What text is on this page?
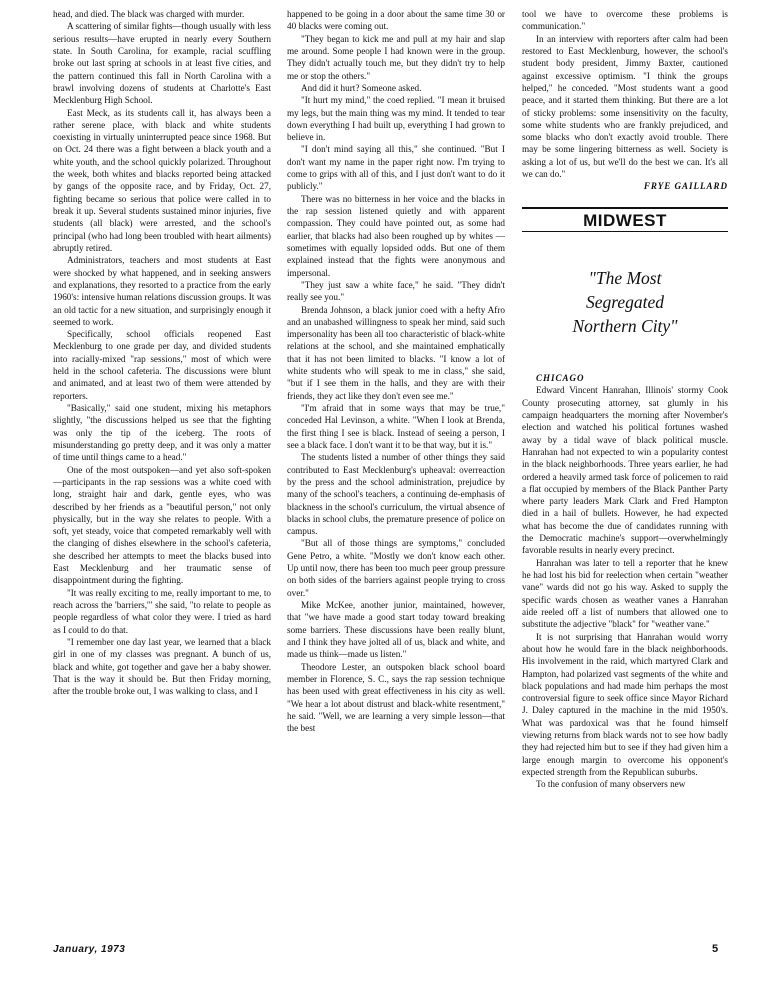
head, and died. The black was charged with murder.

A scattering of similar fights—though usually with less serious results—have erupted in nearly every Southern state. In South Carolina, for example, racial scuffling broke out last spring at schools in at least five cities, and the pattern continued this fall in North Carolina with a brawl involving dozens of students at Charlotte's East Mecklenburg High School.

East Meck, as its students call it, has always been a rather serene place, with black and white students coexisting in virtually uninterrupted peace since 1968. But on Oct. 24 there was a fight between a black youth and a white youth, and the school quickly polarized. Throughout the week, both whites and blacks reported being attacked by gangs of the opposite race, and by Friday, Oct. 27, fighting became so serious that police were called in to break it up. Several students sustained minor injuries, five students (all black) were arrested, and the school's principal (who had long been troubled with heart ailments) abruptly retired.

Administrators, teachers and most students at East were shocked by what happened, and in seeking answers and explanations, they resorted to a practice from the early 1960's: intensive human relations discussion groups. It was an old tactic for a new situation, and surprisingly enough it seemed to work.

Specifically, school officials reopened East Mecklenburg to one grade per day, and divided students into racially-mixed "rap sessions," most of which were held in the school cafeteria. The discussions were blunt and animated, and at least two of them were attended by reporters.

"Basically," said one student, mixing his metaphors slightly, "the discussions helped us see that the fighting was only the tip of the iceberg. The roots of misunderstanding go pretty deep, and it was only a matter of time until things came to a head."

One of the most outspoken—and yet also soft-spoken—participants in the rap sessions was a white coed with long, straight hair and dark, gentle eyes, who was described by her friends as a "beautiful person," not only physically, but in the way she relates to people. With a soft, yet steady, voice that competed remarkably well with the clanging of dishes elsewhere in the school's cafeteria, she described her attempts to meet the blacks bused into East Mecklenburg and her traumatic sense of disappointment during the fighting.

"It was really exciting to me, really important to me, to reach across the 'barriers,'" she said, "to relate to people as people regardless of what color they were. I tried as hard as I could to do that.

"I remember one day last year, we learned that a black girl in one of my classes was pregnant. A bunch of us, black and white, got together and gave her a baby shower. That is the way it should be. But then Friday morning, after the trouble broke out, I was walking to class, and I

happened to be going in a door about the same time 30 or 40 blacks were coming out.

"They began to kick me and pull at my hair and slap me around. Some people I had known were in the group. They didn't actually touch me, but they didn't try to help me or stop the others."

And did it hurt? Someone asked.

"It hurt my mind," the coed replied. "I mean it bruised my legs, but the main thing was my mind. It tended to tear down everything I had built up, everything I had grown to believe in.

"I don't mind saying all this," she continued. "But I don't want my name in the paper right now. I'm trying to come to grips with all of this, and I just don't want to do it publicly."

There was no bitterness in her voice and the blacks in the rap session listened quietly and with apparent compassion. They could have pointed out, as some had earlier, that blacks had also been roughed up by whites —sometimes with equally lopsided odds. But one of them explained instead that the fights were anonymous and impersonal.

"They just saw a white face," he said. "They didn't really see you."

Brenda Johnson, a black junior coed with a hefty Afro and an unabashed willingness to speak her mind, said such impersonality has been all too characteristic of black-white relations at the school, and she maintained emphatically that it has not been limited to blacks. "I know a lot of white students who will speak to me in class," she said, "but if I see them in the halls, and they are with their friends, they act like they don't even see me."

"I'm afraid that in some ways that may be true," conceded Hal Levinson, a white. "When I look at Brenda, the first thing I see is black. Instead of seeing a person, I see a black face. I don't want it to be that way, but it is."

The students listed a number of other things they said contributed to East Mecklenburg's upheaval: overreaction by the press and the school administration, prejudice by many of the school's teachers, a continuing de-emphasis of blackness in the school's curriculum, the virtual absence of blacks in school clubs, the premature presence of police on campus.

"But all of those things are symptoms," concluded Gene Petro, a white. "Mostly we don't know each other. Up until now, there has been too much peer group pressure on both sides of the barriers against people trying to cross over."

Mike McKee, another junior, maintained, however, that "we have made a good start today toward breaking some barriers. These discussions have been really blunt, and I think they have jolted all of us, black and white, and made us think—made us listen."

Theodore Lester, an outspoken black school board member in Florence, S. C., says the rap session technique has been used with great effectiveness in his city as well. "We hear a lot about distrust and black-white resentment," he said. "Well, we are learning a very simple lesson—that the best

tool we have to overcome these problems is communication."

In an interview with reporters after calm had been restored to East Mecklenburg, however, the school's student body president, Jimmy Baxter, cautioned against excessive optimism. "I think the groups helped," he conceded. "Most students want a good peace, and it started them thinking. But there are a lot of sticky problems: some insensitivity on the faculty, some white students who are frankly prejudiced, and some blacks who don't exactly avoid trouble. There may be some lingering bitterness as well. Society is asking a lot of us, but we'll do the best we can. It's all we can do."

FRYE GAILLARD

MIDWEST
"The Most
Segregated
Northern City"

CHICAGO

Edward Vincent Hanrahan, Illinois' stormy Cook County prosecuting attorney, sat glumly in his campaign headquarters the morning after November's election and watched his political fortunes washed away by a tidal wave of black political muscle. Hanrahan had not expected to win a popularity contest in the black neighborhoods. Three years earlier, he had ordered a heavily armed task force of policemen to raid a flat occupied by members of the Black Panther Party where party leaders Mark Clark and Fred Hampton died in a hail of bullets. However, he had expected what has become the due of candidates running with the Democratic machine's support—overwhelmingly favorable results in nearly every precinct.

Hanrahan was later to tell a reporter that he knew he had lost his bid for reelection when certain "weather vane" wards did not go his way. Asked to supply the specific wards chosen as weather vanes a Hanrahan aide reeled off a list of numbers that allowed one to substitute the adjective "black" for "weather vane."

It is not surprising that Hanrahan would worry about how he would fare in the black neighborhoods. His involvement in the raid, which martyred Clark and Hampton, had polarized vast segments of the white and black populations and had made him perhaps the most controversial figure to seek office since Mayor Richard J. Daley captured in the machine in the mid 1950's. What was pardoxical was that he found himself viewing returns from black wards not to see how badly they had rejected him but to see if they had given him a large enough margin to overcome his opponent's expected strength from the Republican suburbs.

To the confusion of many observers new

January, 1973	5
